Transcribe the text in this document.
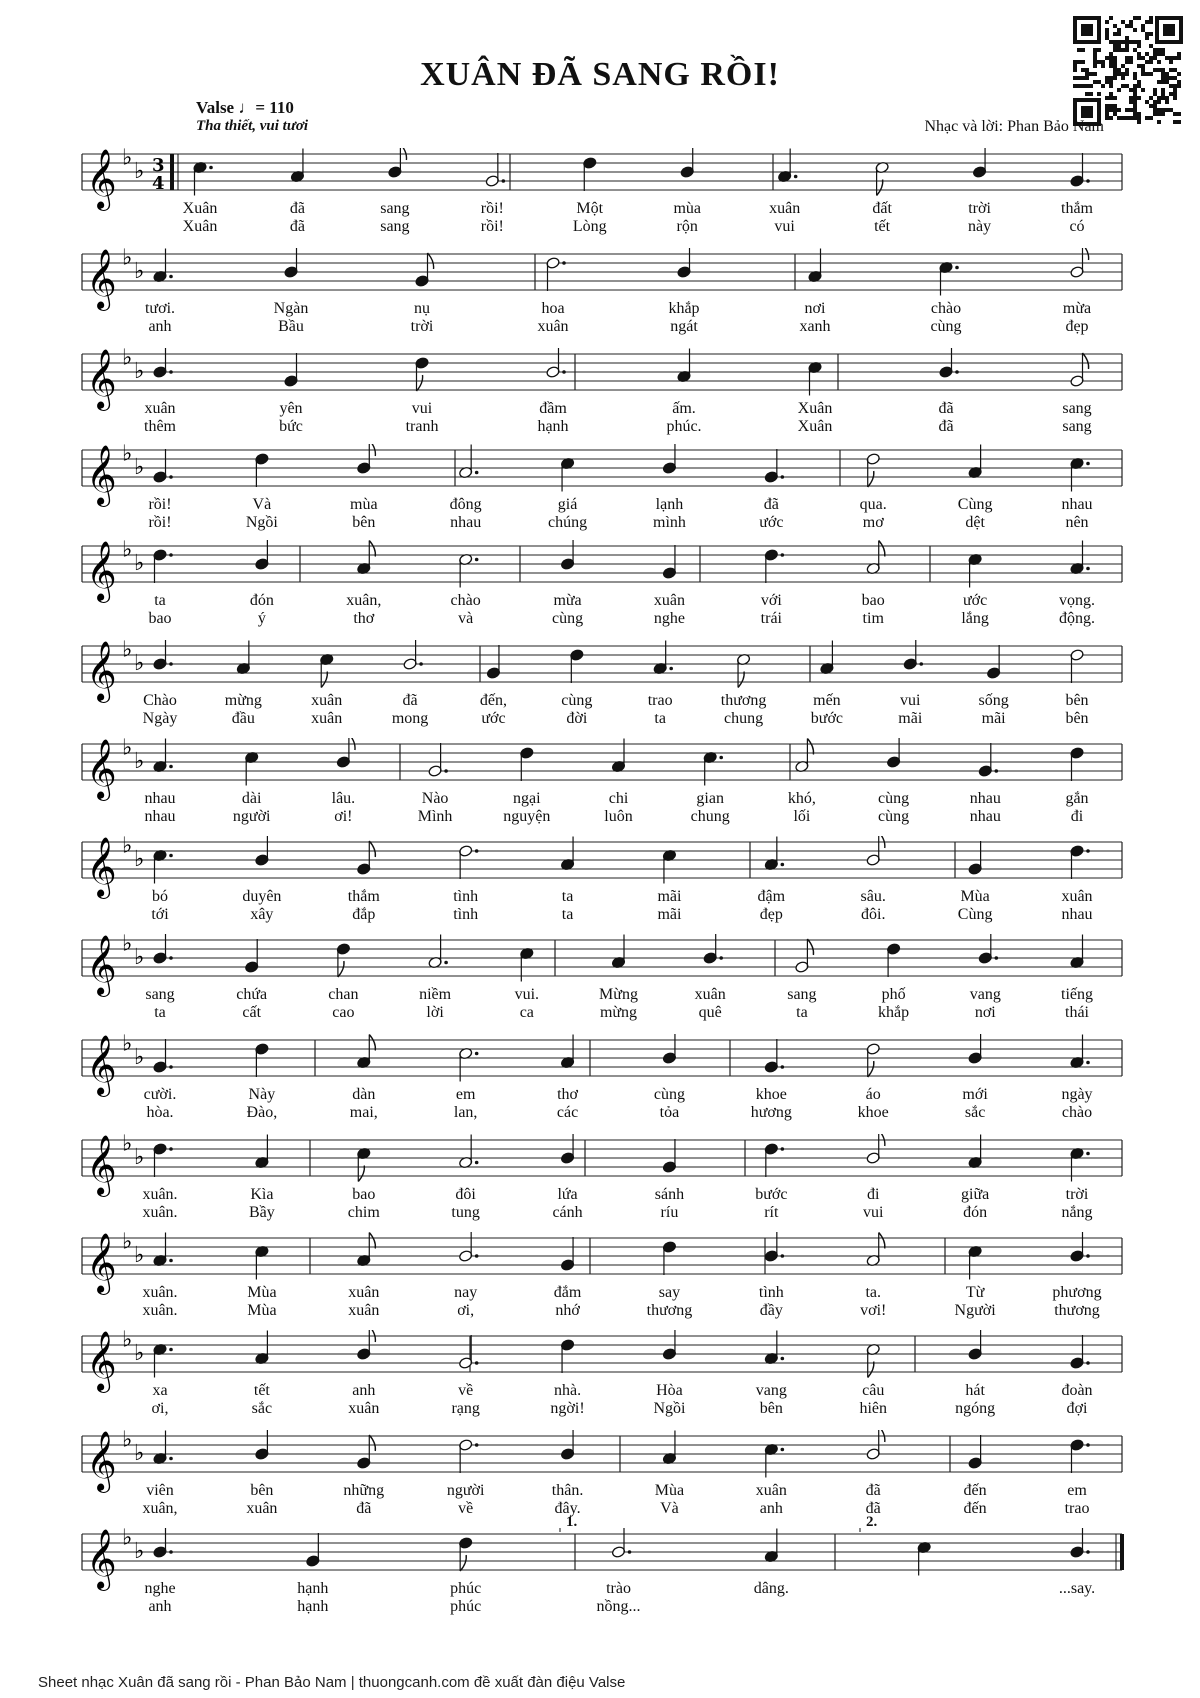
XUÂN ĐÃ SANG RỒI!
Valse ♩= 110
Tha thiết, vui tươi	Nhạc và lời: Phan Bảo Nam
𝄞 ♭
♭ 3
4
Xuân	đã	sang	rồi!	Một	mùa	xuân	đất	trời	thắm
Xuân	đã	sang	rồi!	Lòng	rộn	vui	tết	này	có
𝄞 ♭
♭
tươi.	Ngàn	nụ	hoa	khắp	nơi	chào	mừa
anh	Bầu	trời	xuân	ngát	xanh	cùng	đẹp
𝄞 ♭
♭
xuân	yên	vui	đầm	ấm.	Xuân	đã	sang
thêm	bức	tranh	hạnh	phúc.	Xuân	đã	sang
𝄞 ♭
♭
rồi!	Và	mùa	đông	giá	lạnh	đã	qua.	Cùng	nhau
rồi!	Ngồi	bên	nhau	chúng	mình	ước	mơ	dệt	nên
𝄞 ♭
♭
ta	đón	xuân,	chào	mừa	xuân	với	bao	ước	vọng.
bao	ý	thơ	và	cùng	nghe	trái	tim	lắng	động.
𝄞 ♭
♭
Chào	mừng	xuân	đã	đến,	cùng	trao	thương	mến	vui	sống	bên
Ngày	đầu	xuân	mong	ước	đời	ta	chung	bước	mãi	mãi	bên
𝄞 ♭
♭
nhau	dài	lâu.	Nào	ngại	chi	gian	khó,	cùng	nhau	gắn
nhau	người	ơi!	Mình	nguyện	luôn	chung	lối	cùng	nhau	đi
𝄞 ♭
♭
bó	duyên	thắm	tình	ta	mãi	đậm	sâu.	Mùa	xuân
tới	xây	đắp	tình	ta	mãi	đẹp	đôi.	Cùng	nhau
𝄞 ♭
♭
sang	chứa	chan	niềm	vui.	Mừng	xuân	sang	phố	vang	tiếng
ta	cất	cao	lời	ca	mừng	quê	ta	khắp	nơi	thái
𝄞 ♭
♭
cười.	Này	dàn	em	thơ	cùng	khoe	áo	mới	ngày
hòa.	Đào,	mai,	lan,	các	tỏa	hương	khoe	sắc	chào
𝄞 ♭
♭
xuân.	Kìa	bao	đôi	lứa	sánh	bước	đi	giữa	trời
xuân.	Bầy	chim	tung	cánh	ríu	rít	vui	đón	nắng
𝄞 ♭
♭
xuân.	Mùa	xuân	nay	đắm	say	tình	ta.	Từ	phương
xuân.	Mùa	xuân	ơi,	nhớ	thương	đầy	vơi!	Người	thương
𝄞 ♭
♭
xa	tết	anh	về	nhà.	Hòa	vang	câu	hát	đoàn
ơi,	sắc	xuân	rạng	ngời!	Ngồi	bên	hiên	ngóng	đợi
𝄞 ♭
♭
viên	bên	những	người	thân.	Mùa	xuân	đã	đến	em
xuân,	xuân	đã	về	đây.	Và	anh	đã	đến	trao
𝄞 ♭
♭
nghe	hạnh	phúc	trào	dâng.	...say.
anh	hạnh	phúc	nồng...
1.	2.
Sheet nhạc Xuân đã sang rồi - Phan Bảo Nam | thuongcanh.com đề xuất đàn điệu Valse
